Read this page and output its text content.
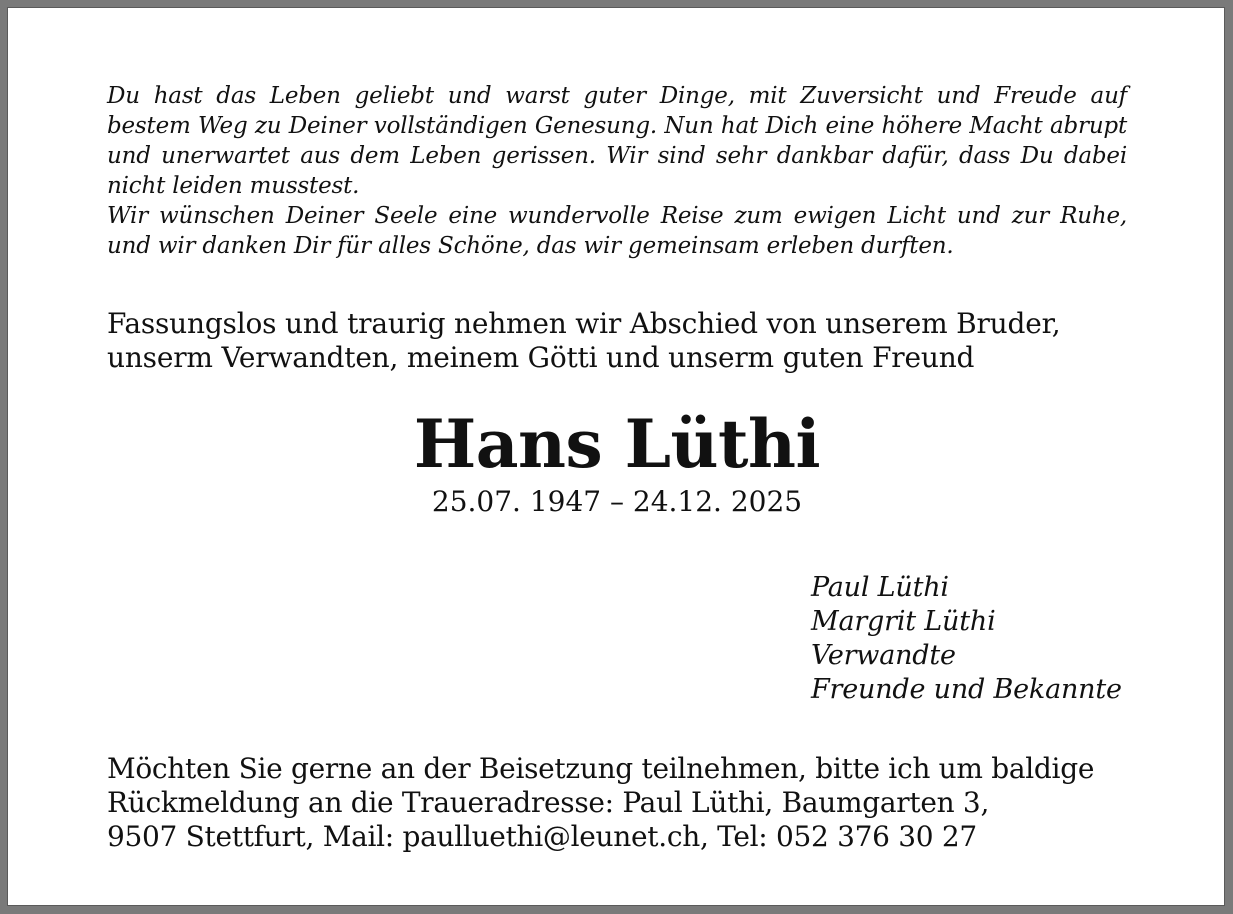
Du hast das Leben geliebt und warst guter Dinge, mit Zuversicht und Freude auf bestem Weg zu Deiner vollständigen Genesung. Nun hat Dich eine höhere Macht abrupt und unerwartet aus dem Leben gerissen. Wir sind sehr dankbar dafür, dass Du dabei nicht leiden musstest.

Wir wünschen Deiner Seele eine wundervolle Reise zum ewigen Licht und zur Ruhe, und wir danken Dir für alles Schöne, das wir gemeinsam erleben durften.

Fassungslos und traurig nehmen wir Abschied von unserem Bruder,
unserm Verwandten, meinem Götti und unserm guten Freund
Hans Lüthi
25.07. 1947 – 24.12. 2025
Paul Lüthi
Margrit Lüthi
Verwandte
Freunde und Bekannte
Möchten Sie gerne an der Beisetzung teilnehmen, bitte ich um baldige
Rückmeldung an die Traueradresse: Paul Lüthi, Baumgarten 3,
9507 Stettfurt, Mail: paulluethi@leunet.ch, Tel: 052 376 30 27
